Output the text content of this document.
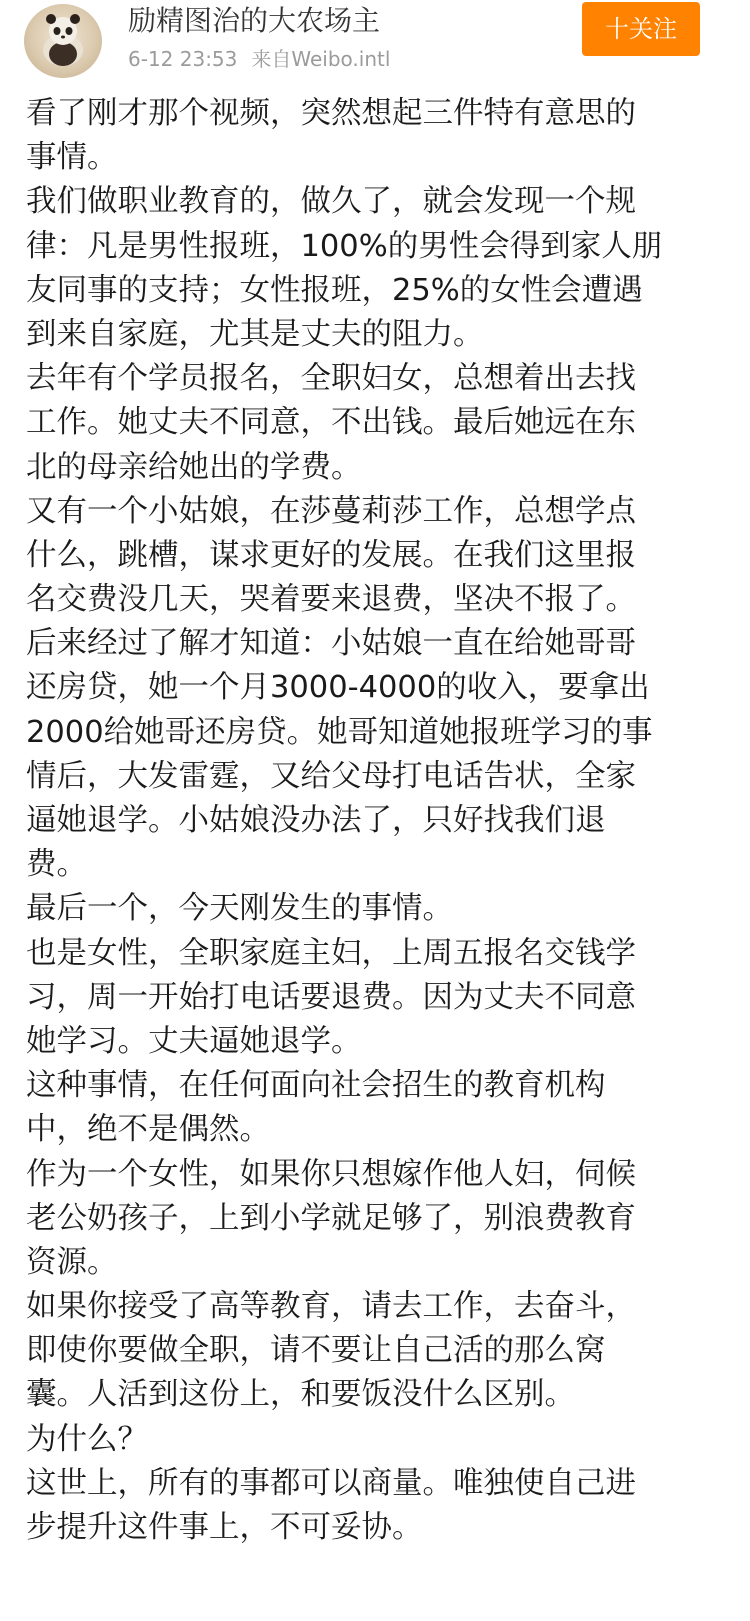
励精图治的大农场主
6-12 23:53 来自Weibo.intl
十关注
看了刚才那个视频，突然想起三件特有意思的
事情。
我们做职业教育的，做久了，就会发现一个规
律：凡是男性报班，100%的男性会得到家人朋
友同事的支持；女性报班，25%的女性会遭遇
到来自家庭，尤其是丈夫的阻力。
去年有个学员报名，全职妇女，总想着出去找
工作。她丈夫不同意，不出钱。最后她远在东
北的母亲给她出的学费。
又有一个小姑娘，在莎蔓莉莎工作，总想学点
什么，跳槽，谋求更好的发展。在我们这里报
名交费没几天，哭着要来退费，坚决不报了。
后来经过了解才知道：小姑娘一直在给她哥哥
还房贷，她一个月3000-4000的收入，要拿出
2000给她哥还房贷。她哥知道她报班学习的事
情后，大发雷霆，又给父母打电话告状，全家
逼她退学。小姑娘没办法了，只好找我们退
费。
最后一个，今天刚发生的事情。
也是女性，全职家庭主妇，上周五报名交钱学
习，周一开始打电话要退费。因为丈夫不同意
她学习。丈夫逼她退学。
这种事情，在任何面向社会招生的教育机构
中，绝不是偶然。
作为一个女性，如果你只想嫁作他人妇，伺候
老公奶孩子，上到小学就足够了，别浪费教育
资源。
如果你接受了高等教育，请去工作，去奋斗，
即使你要做全职，请不要让自己活的那么窝
囊。人活到这份上，和要饭没什么区别。
为什么？
这世上，所有的事都可以商量。唯独使自己进
步提升这件事上，不可妥协。
